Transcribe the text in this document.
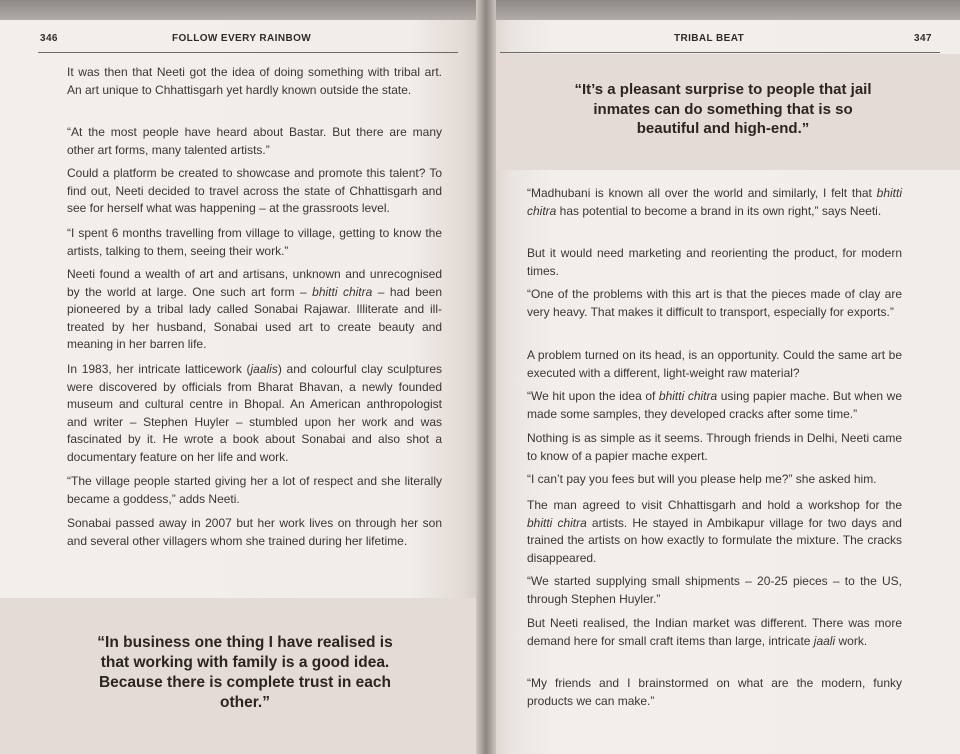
346	FOLLOW EVERY RAINBOW

It was then that Neeti got the idea of doing something with tribal art. An art unique to Chhattisgarh yet hardly known outside the state.

“At the most people have heard about Bastar. But there are many other art forms, many talented artists.”

Could a platform be created to showcase and promote this talent? To find out, Neeti decided to travel across the state of Chhattisgarh and see for herself what was happening – at the grassroots level.

“I spent 6 months travelling from village to village, getting to know the artists, talking to them, seeing their work.”

Neeti found a wealth of art and artisans, unknown and unrecognised by the world at large. One such art form – bhitti chitra – had been pioneered by a tribal lady called Sonabai Rajawar. Illiterate and ill-treated by her husband, Sonabai used art to create beauty and meaning in her barren life.

In 1983, her intricate latticework (jaalis) and colourful clay sculptures were discovered by officials from Bharat Bhavan, a newly founded museum and cultural centre in Bhopal. An American anthropologist and writer – Stephen Huyler – stumbled upon her work and was fascinated by it. He wrote a book about Sonabai and also shot a documentary feature on her life and work.

“The village people started giving her a lot of respect and she literally became a goddess,” adds Neeti.

Sonabai passed away in 2007 but her work lives on through her son and several other villagers whom she trained during her lifetime.

“In business one thing I have realised is that working with family is a good idea. Because there is complete trust in each other.”

TRIBAL BEAT	347

“It’s a pleasant surprise to people that jail inmates can do something that is so beautiful and high-end.”

“Madhubani is known all over the world and similarly, I felt that bhitti chitra has potential to become a brand in its own right,” says Neeti.

But it would need marketing and reorienting the product, for modern times.

“One of the problems with this art is that the pieces made of clay are very heavy. That makes it difficult to transport, especially for exports.”

A problem turned on its head, is an opportunity. Could the same art be executed with a different, light-weight raw material?

“We hit upon the idea of bhitti chitra using papier mache. But when we made some samples, they developed cracks after some time.”

Nothing is as simple as it seems. Through friends in Delhi, Neeti came to know of a papier mache expert.

“I can’t pay you fees but will you please help me?” she asked him.

The man agreed to visit Chhattisgarh and hold a workshop for the bhitti chitra artists. He stayed in Ambikapur village for two days and trained the artists on how exactly to formulate the mixture. The cracks disappeared.

“We started supplying small shipments – 20-25 pieces – to the US, through Stephen Huyler.”

But Neeti realised, the Indian market was different. There was more demand here for small craft items than large, intricate jaali work.

“My friends and I brainstormed on what are the modern, funky products we can make.”
